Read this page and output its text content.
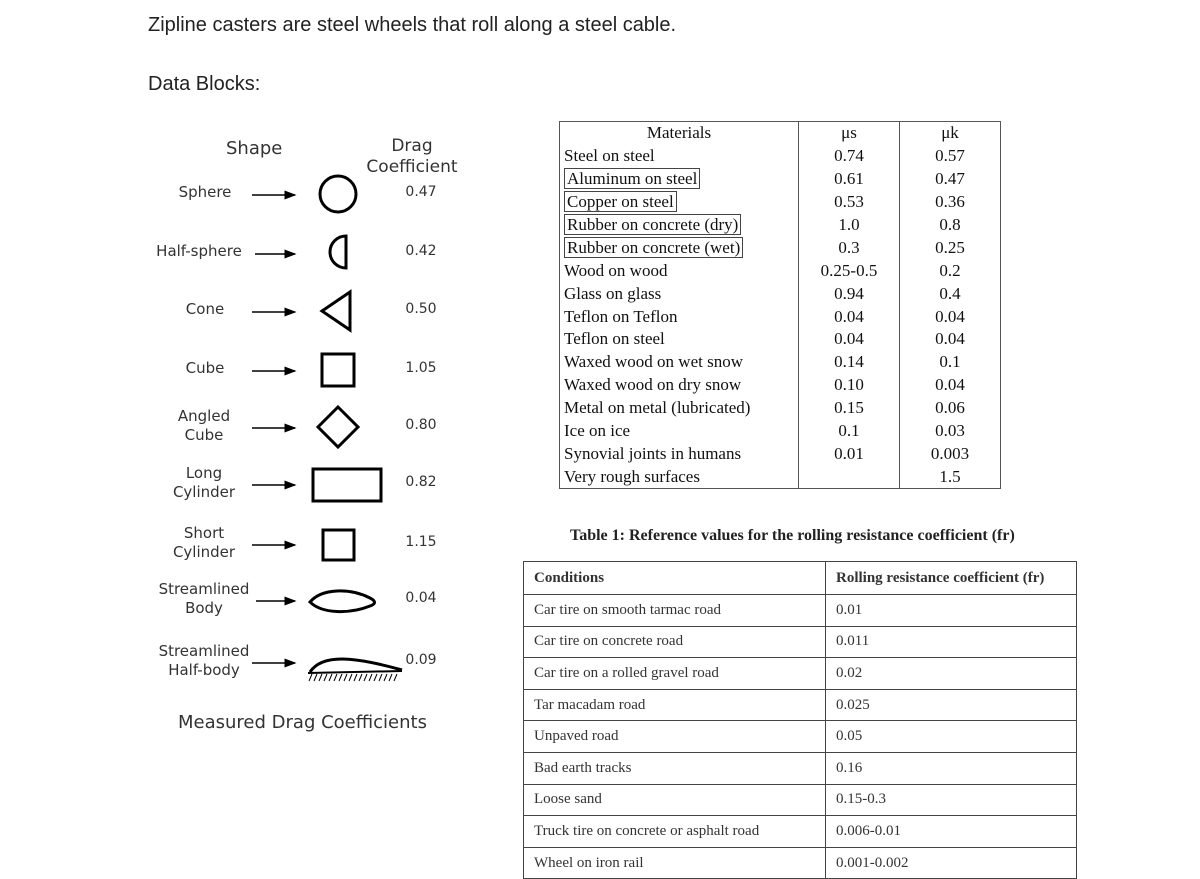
Zipline casters are steel wheels that roll along a steel cable.
Data Blocks:
Shape	Drag
Coefficient
Sphere	0.47
Half-sphere	0.42
Cone	0.50
Cube	1.05
Angled
Cube
0.80
Long
Cylinder
0.82
Short
Cylinder
1.15
Streamlined
Body
0.04
Streamlined
Half-body
0.09
Measured Drag Coefficients
Materials	μs	μk
Steel on steel	0.74	0.57
Aluminum on steel	0.61	0.47
Copper on steel	0.53	0.36
Rubber on concrete (dry)	1.0	0.8
Rubber on concrete (wet)	0.3	0.25
Wood on wood	0.25-0.5	0.2
Glass on glass	0.94	0.4
Teflon on Teflon	0.04	0.04
Teflon on steel	0.04	0.04
Waxed wood on wet snow	0.14	0.1
Waxed wood on dry snow	0.10	0.04
Metal on metal (lubricated)	0.15	0.06
Ice on ice	0.1	0.03
Synovial joints in humans	0.01	0.003
Very rough surfaces		1.5
Table 1: Reference values for the rolling resistance coefficient (fr)
Conditions	Rolling resistance coefficient (fr)
Car tire on smooth tarmac road	0.01
Car tire on concrete road	0.011
Car tire on a rolled gravel road	0.02
Tar macadam road	0.025
Unpaved road	0.05
Bad earth tracks	0.16
Loose sand	0.15-0.3
Truck tire on concrete or asphalt road	0.006-0.01
Wheel on iron rail	0.001-0.002
